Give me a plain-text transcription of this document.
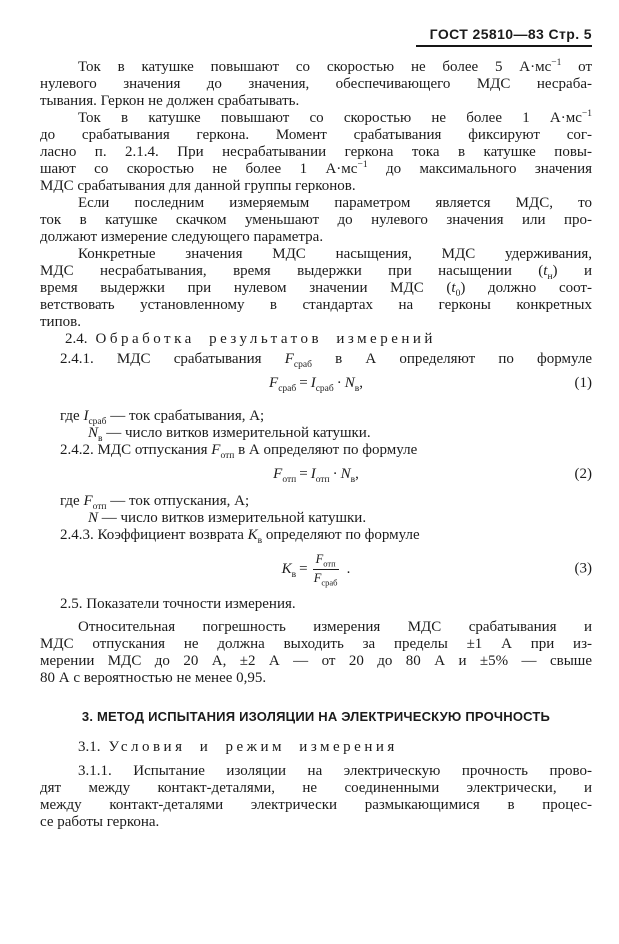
ГОСТ 25810—83 Стр. 5
Ток в катушке повышают со скоростью не более 5 $А\cdot мс^{-1}$ от
нулевого значения до значения, обеспечивающего МДС несраба-
тывания. Геркон не должен срабатывать.
Ток в катушке повышают со скоростью не более 1 $А\cdot мс^{-1}$
до срабатывания геркона. Момент срабатывания фиксируют сог-
ласно п. 2.1.4. При несрабатывании геркона тока в катушке повы-
шают со скоростью не более 1 $А\cdot мс^{-1}$ до максимального значения
МДС срабатывания для данной группы герконов.
Если последним измеряемым параметром является МДС, то
ток в катушке скачком уменьшают до нулевого значения или про-
должают измерение следующего параметра.
Конкретные значения МДС насыщения, МДС удерживания,
МДС несрабатывания, время выдержки при насыщении $(t_н)$ и
время выдержки при нулевом значении МДС $(t_0)$ должно соот-
ветствовать установленному в стандартах на герконы конкретных
типов.
2.4. Обработка результатов измерений
2.4.1. МДС срабатывания $F_{сраб}$ в А определяют по формуле
$F_{сраб} = I_{сраб} \cdot N_в$,	(1)
где $I_{сраб}$ — ток срабатывания, А;
$N_в$ — число витков измерительной катушки.
2.4.2. МДС отпускания $F_{отп}$ в А определяют по формуле
$F_{отп} = I_{отп} \cdot N_в$,	(2)
где $F_{отп}$ — ток отпускания, А;
N — число витков измерительной катушки.
2.4.3. Коэффициент возврата $K_в$ определяют по формуле
$K_в = \frac{F_{отп}}{F_{сраб}}$ .	(3)
2.5. Показатели точности измерения.
Относительная погрешность измерения МДС срабатывания и
МДС отпускания не должна выходить за пределы ±1 А при из-
мерении МДС до 20 А, ±2 А — от 20 до 80 А и ±5% — свыше
80 А с вероятностью не менее 0,95.
3. МЕТОД ИСПЫТАНИЯ ИЗОЛЯЦИИ НА ЭЛЕКТРИЧЕСКУЮ ПРОЧНОСТЬ
3.1. Условия и режим измерения
3.1.1. Испытание изоляции на электрическую прочность прово-
дят между контакт-деталями, не соединенными электрически, и
между контакт-деталями электрически размыкающимися в процес-
се работы геркона.
